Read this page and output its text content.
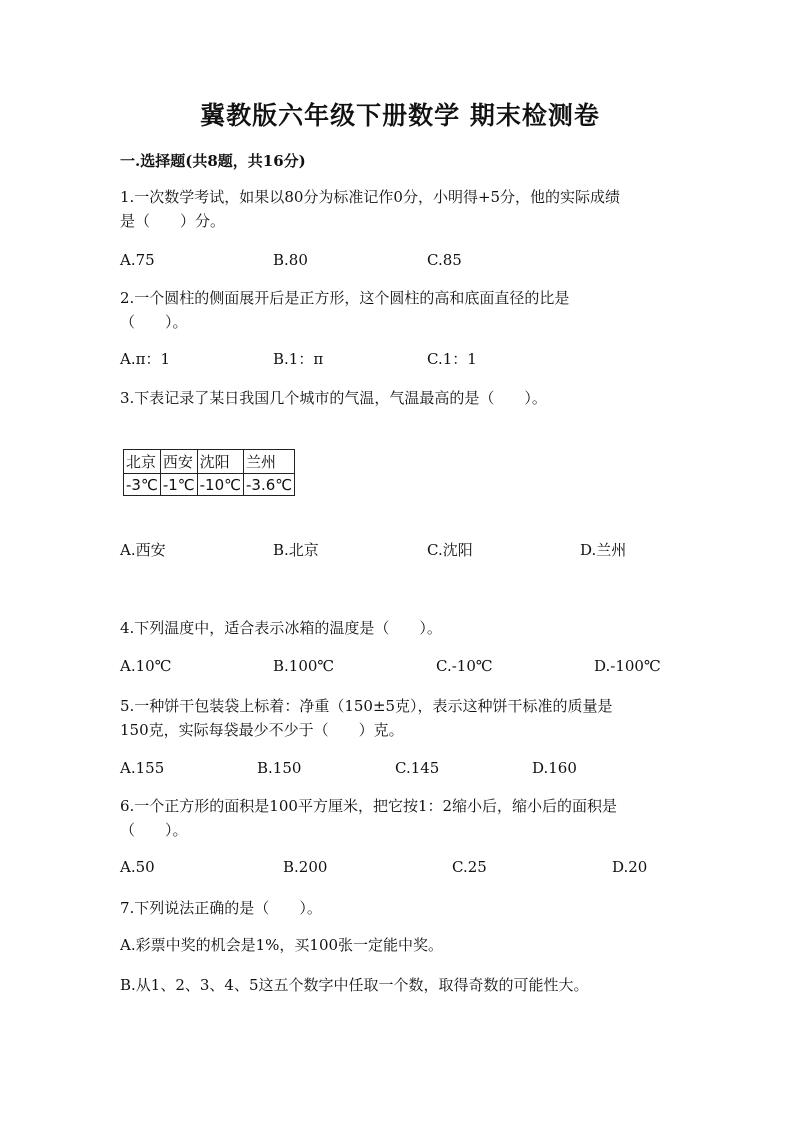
冀教版六年级下册数学 期末检测卷
一.选择题(共8题，共16分)
1.一次数学考试，如果以80分为标准记作0分，小明得+5分，他的实际成绩
是（　　）分。
A.75	B.80	C.85
2.一个圆柱的侧面展开后是正方形，这个圆柱的高和底面直径的比是
（　　）。
A.π：1	B.1：π	C.1：1
3.下表记录了某日我国几个城市的气温，气温最高的是（　　）。
北京	西安	沈阳	兰州
-3℃	-1℃	-10℃	-3.6℃
A.西安	B.北京	C.沈阳	D.兰州
4.下列温度中，适合表示冰箱的温度是（　　）。
A.10℃	B.100℃	C.-10℃	D.-100℃
5.一种饼干包装袋上标着：净重（150±5克），表示这种饼干标准的质量是
150克，实际每袋最少不少于（　　）克。
A.155	B.150	C.145	D.160
6.一个正方形的面积是100平方厘米，把它按1：2缩小后，缩小后的面积是
（　　）。
A.50	B.200	C.25	D.20
7.下列说法正确的是（　　）。
A.彩票中奖的机会是1%，买100张一定能中奖。
B.从1、2、3、4、5这五个数字中任取一个数，取得奇数的可能性大。
